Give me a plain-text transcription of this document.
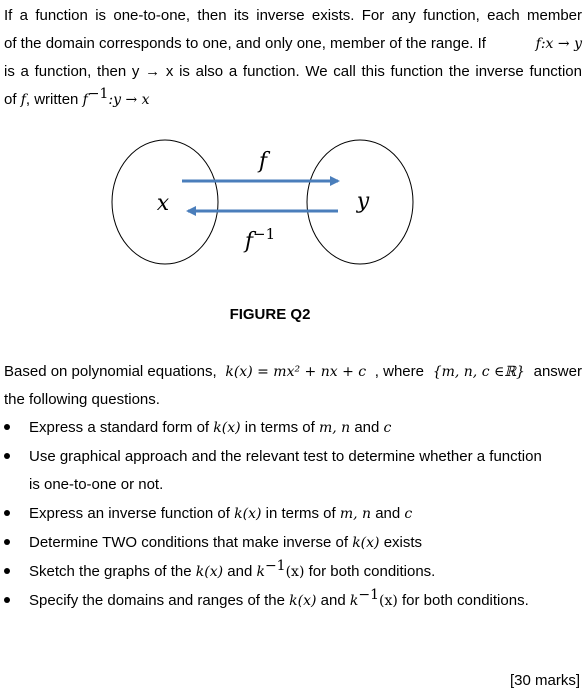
If a function is one-to-one, then its inverse exists. For any function, each member
of the domain corresponds to one, and only one, member of the range. If	f:x → y
is a function, then y → x is also a function. We call this function the inverse function
of f, written $f^{-1}:y \to x$
f
x	y
$f^{-1}$
FIGURE Q2
Based on polynomial equations, k(x) = mx² + nx + c , where {m, n, c ∈ℝ} answer
the following questions.
Express a standard form of k(x) in terms of m, n and c
Use graphical approach and the relevant test to determine whether a function
is one-to-one or not.
Express an inverse function of k(x) in terms of m, n and c
Determine TWO conditions that make inverse of k(x) exists
Sketch the graphs of the k(x) and $k^{-1}(x)$ for both conditions.
Specify the domains and ranges of the k(x) and $k^{-1}(x)$ for both conditions.
[30 marks]
